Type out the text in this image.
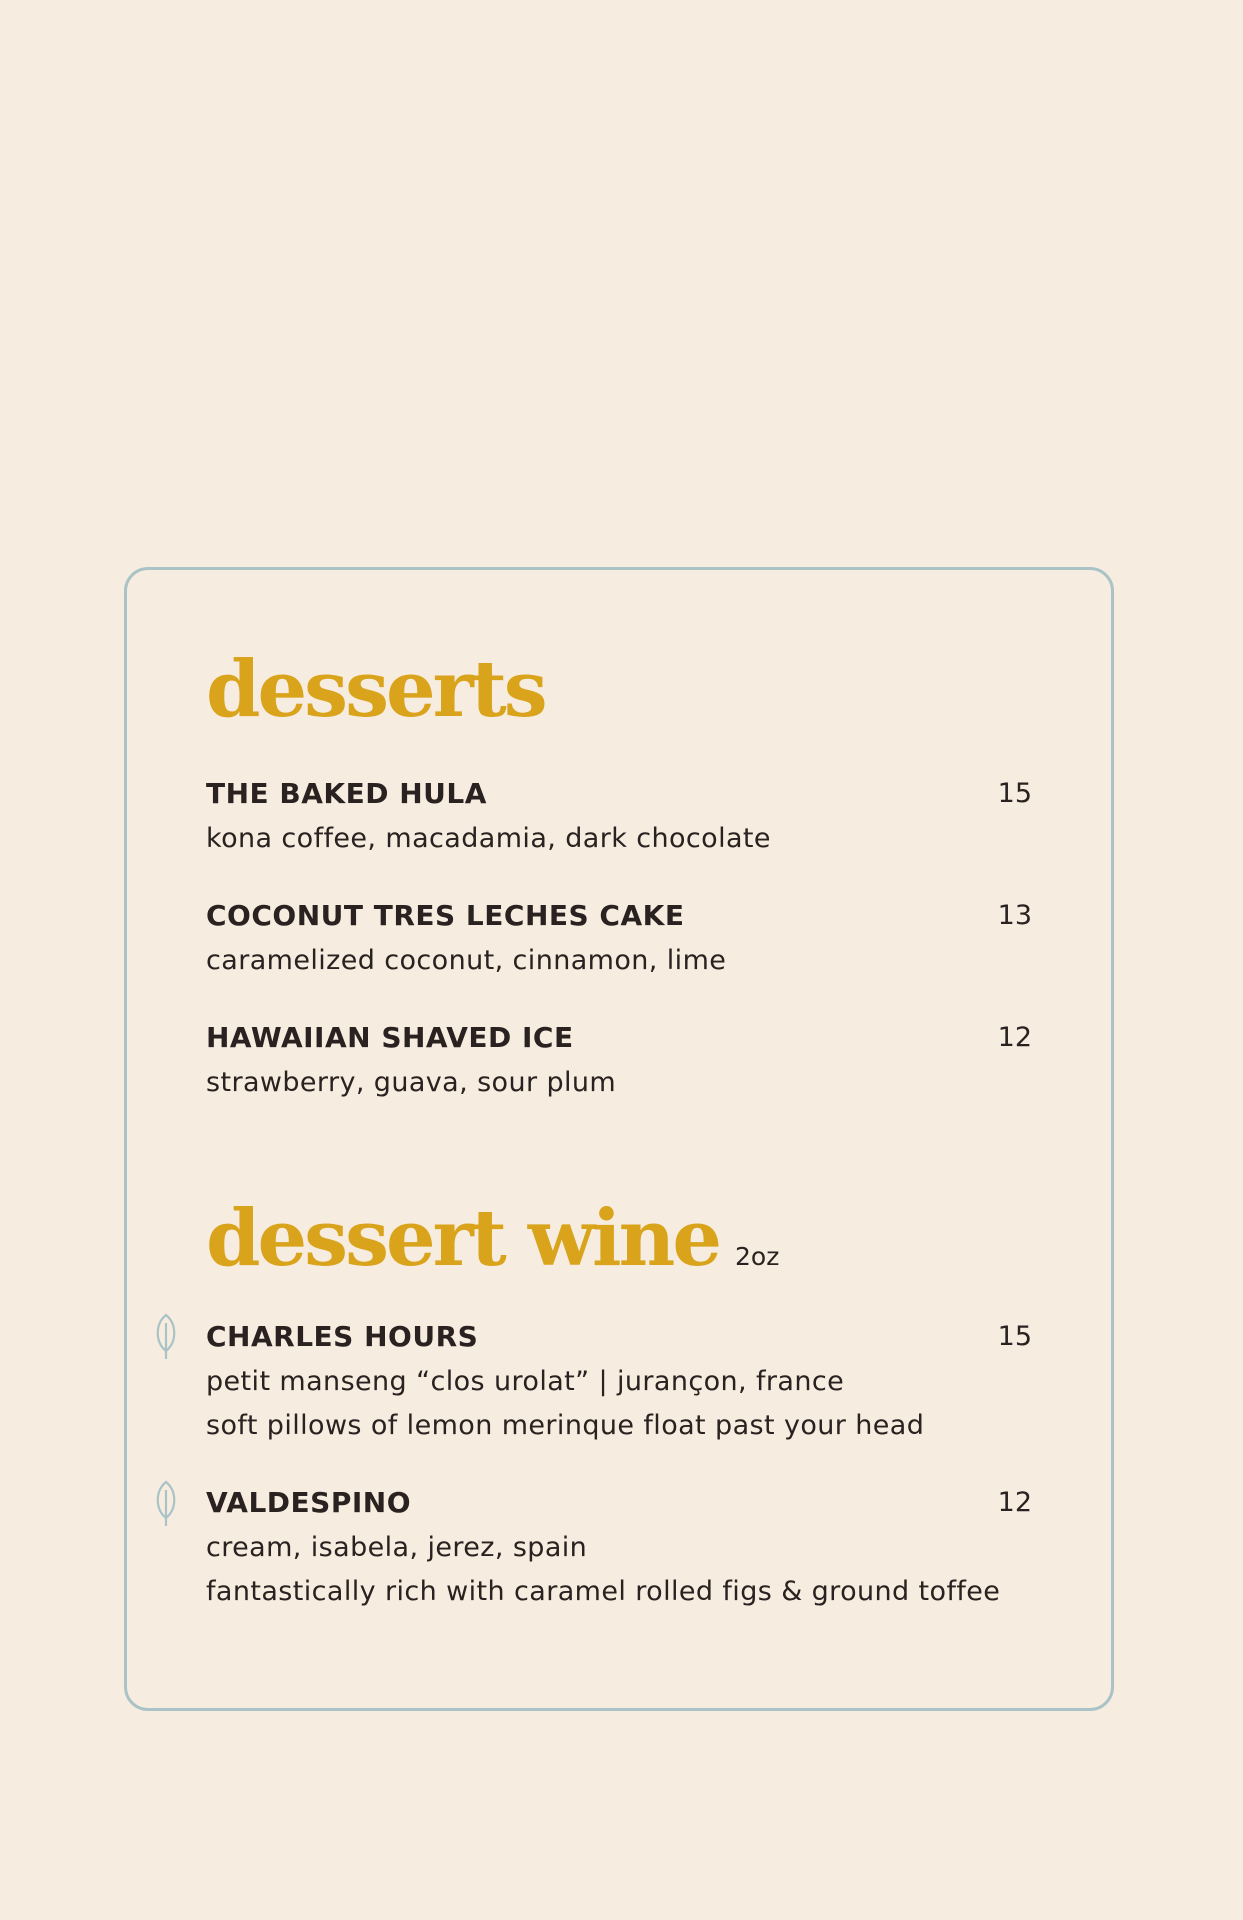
desserts
THE BAKED HULA	15
kona coffee, macadamia, dark chocolate
COCONUT TRES LECHES CAKE	13
caramelized coconut, cinnamon, lime
HAWAIIAN SHAVED ICE	12
strawberry, guava, sour plum
dessert wine 2oz
CHARLES HOURS	15
petit manseng “clos urolat” | jurançon, france
soft pillows of lemon merinque float past your head
VALDESPINO	12
cream, isabela, jerez, spain
fantastically rich with caramel rolled figs & ground toffee
